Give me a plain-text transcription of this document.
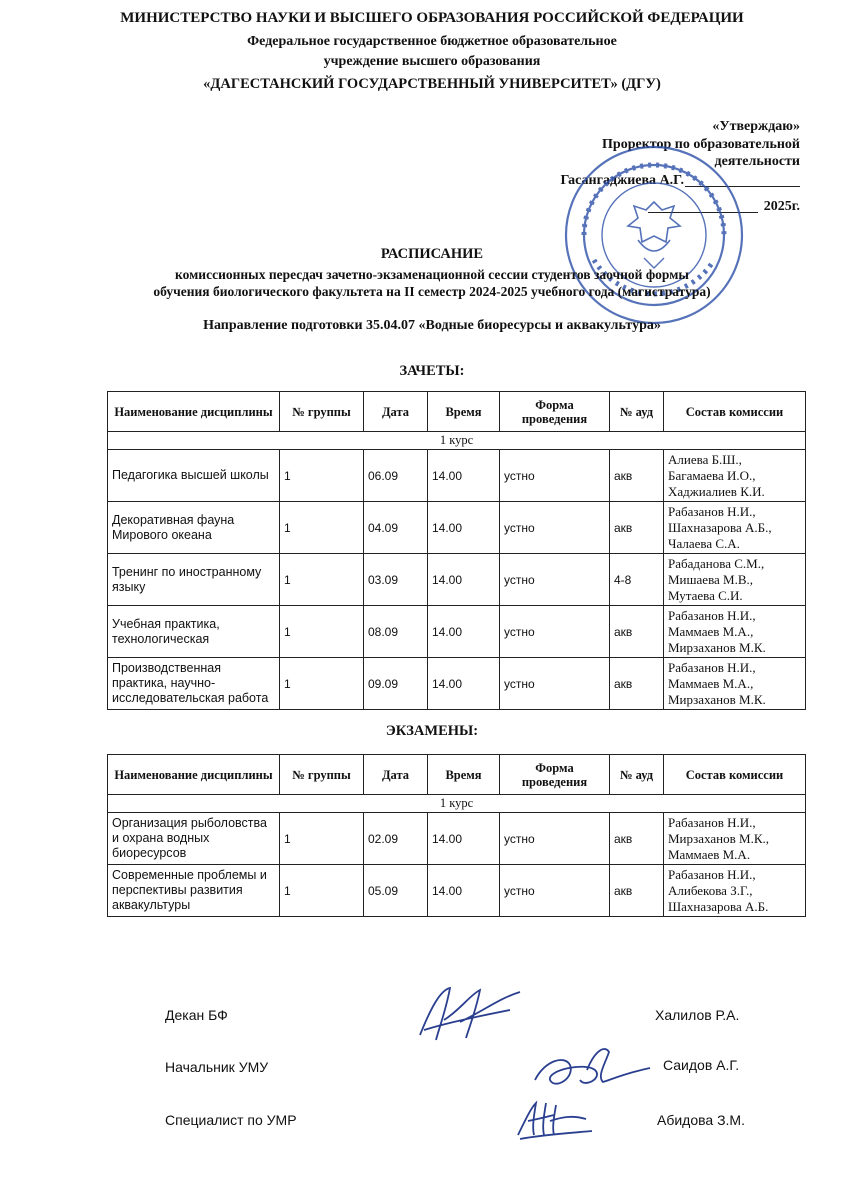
МИНИСТЕРСТВО НАУКИ И ВЫСШЕГО ОБРАЗОВАНИЯ РОССИЙСКОЙ ФЕДЕРАЦИИ
Федеральное государственное бюджетное образовательное
учреждение высшего образования
«ДАГЕСТАНСКИЙ ГОСУДАРСТВЕННЫЙ УНИВЕРСИТЕТ» (ДГУ)
«Утверждаю»
Проректор по образовательной деятельности
Гасангаджиева А.Г.
2025г.
РАСПИСАНИЕ
комиссионных пересдач зачетно-экзаменационной сессии студентов заочной формы
обучения биологического факультета на II семестр 2024-2025 учебного года (магистратура)
Направление подготовки 35.04.07 «Водные биоресурсы и аквакультура»
ЗАЧЕТЫ:
Наименование дисциплины	№ группы	Дата	Время	Форма проведения	№ ауд	Состав комиссии
1 курс						
Педагогика высшей школы	1	06.09	14.00	устно	акв	Алиева Б.Ш.,
Багамаева И.О.,
Хаджиалиев К.И.

Декоративная фауна Мирового океана	1	04.09	14.00	устно	акв	Рабазанов Н.И.,
Шахназарова А.Б.,
Чалаева С.А.

Тренинг по иностранному языку	1	03.09	14.00	устно	4-8	Рабаданова С.М.,
Мишаева М.В.,
Мутаева С.И.

Учебная практика, технологическая	1	08.09	14.00	устно	акв	Рабазанов Н.И.,
Маммаев М.А.,
Мирзаханов М.К.

Производственная практика, научно-исследовательская работа	1	09.09	14.00	устно	акв	Рабазанов Н.И.,
Маммаев М.А.,
Мирзаханов М.К.
ЭКЗАМЕНЫ:
Наименование дисциплины	№ группы	Дата	Время	Форма проведения	№ ауд	Состав комиссии
1 курс						
Организация рыболовства и охрана водных биоресурсов	1	02.09	14.00	устно	акв	Рабазанов Н.И.,
Мирзаханов М.К.,
Маммаев М.А.

Современные проблемы и перспективы развития аквакультуры	1	05.09	14.00	устно	акв	Рабазанов Н.И.,
Алибекова З.Г.,
Шахназарова А.Б.
Декан БФ	Халилов Р.А.
Начальник УМУ	Саидов А.Г.
Специалист по УМР	Абидова З.М.
